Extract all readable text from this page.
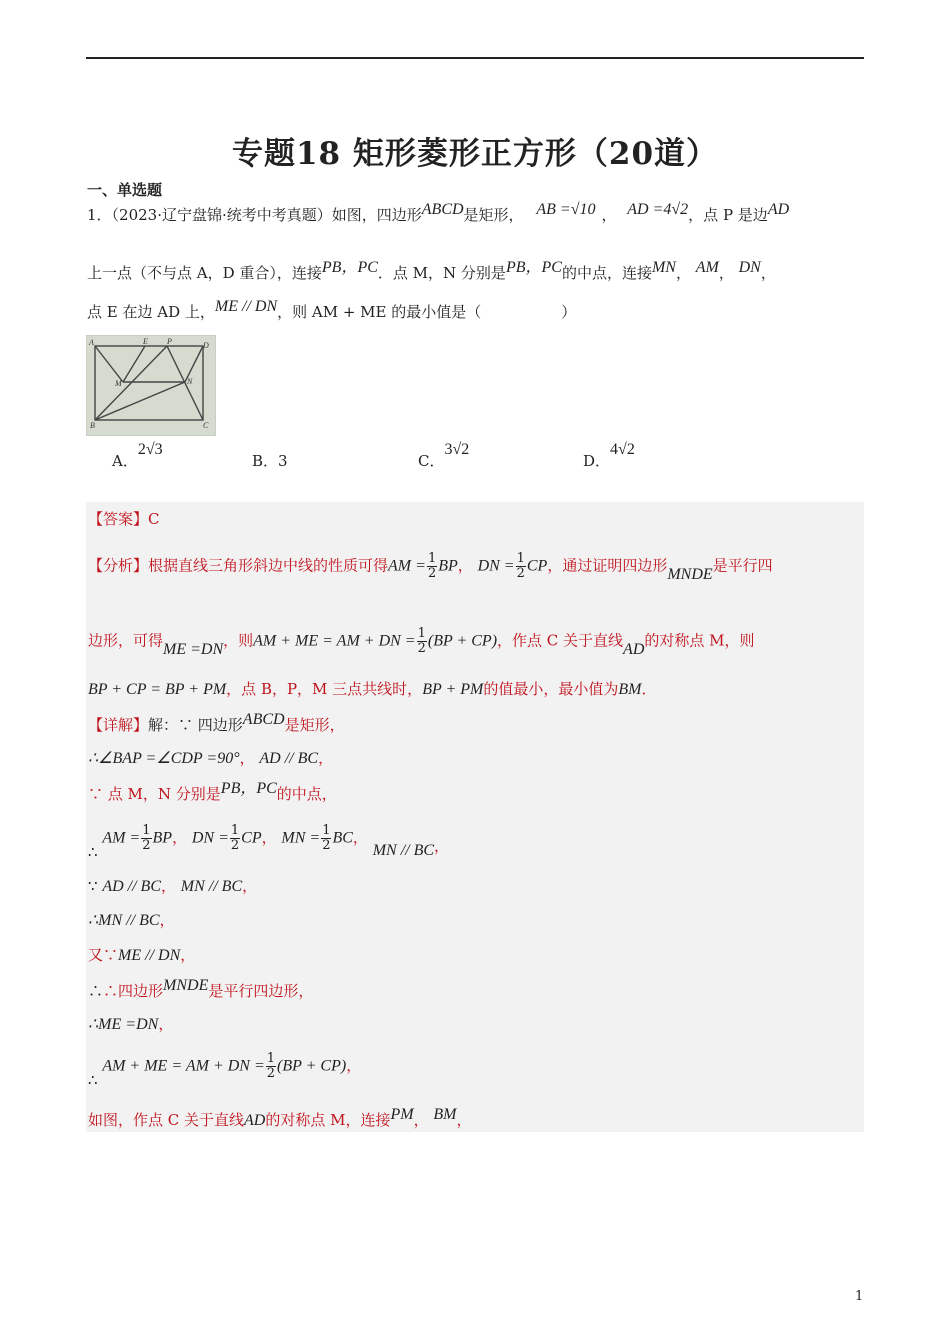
专题18 矩形菱形正方形（20道）
一、单选题
1．（2023·辽宁盘锦·统考中考真题）如图，四边形ABCD是矩形， AB =√10 ， AD =4√2，点 P 是边AD
上一点（不与点 A，D 重合），连接PB，PC．点 M，N 分别是PB，PC的中点，连接MN， AM， DN，
点 E 在边 AD 上，ME // DN，则 AM + ME 的最小值是（	）
A	E P	D
M	N
B	C
A．2√3
B．3	C．3√2
D．4√2
【答案】C
【分析】根据直线三角形斜边中线的性质可得AM = $\frac{1}{2}$ BP， DN = $\frac{1}{2}$ CP，通过证明四边形MNDE是平行四
边形，可得ME =DN，则AM + ME = AM + DN = $\frac{1}{2} (BP + CP)$，作点 C 关于直线AD的对称点 M，则
BP + CP = BP + PM，点 B，P，M 三点共线时，BP + PM的值最小，最小值为BM．
【详解】解：∵ 四边形ABCD是矩形，
∴∠BAP =∠CDP =90°， AD // BC，
∵ 点 M，N 分别是PB，PC的中点，
∴ AM = $\frac{1}{2}$ BP， DN = $\frac{1}{2}$ CP， MN = $\frac{1}{2}$ BC， MN // BC，
∵ AD // BC， MN // BC，
∴MN // BC，
又∵ME // DN，
∴∴四边形MNDE是平行四边形，
∴ME =DN，
∴ AM + ME = AM + DN = $\frac{1}{2} (BP + CP)$，
如图，作点 C 关于直线AD的对称点 M，连接PM， BM，
1
